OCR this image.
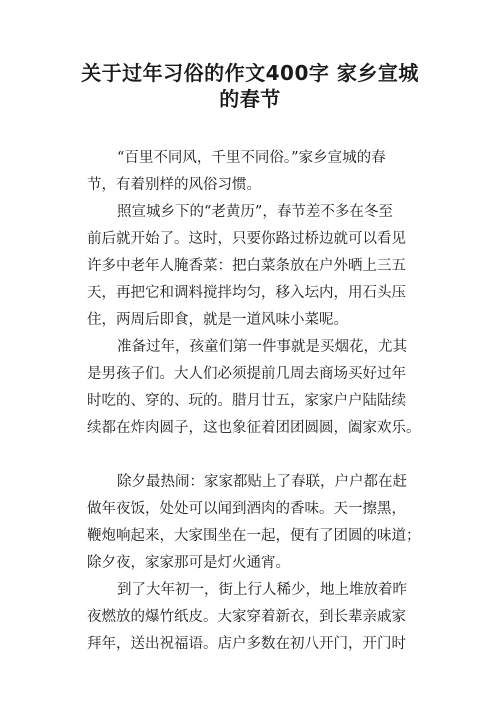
关于过年习俗的作文400字 家乡宣城
的春节
“百里不同风，千里不同俗。”家乡宣城的春
节，有着别样的风俗习惯。
照宣城乡下的“老黄历”，春节差不多在冬至
前后就开始了。这时，只要你路过桥边就可以看见
许多中老年人腌香菜：把白菜条放在户外晒上三五
天，再把它和调料搅拌均匀，移入坛内，用石头压
住，两周后即食，就是一道风味小菜呢。
准备过年，孩童们第一件事就是买烟花，尤其
是男孩子们。大人们必须提前几周去商场买好过年
时吃的、穿的、玩的。腊月廿五，家家户户陆陆续
续都在炸肉圆子，这也象征着团团圆圆，阖家欢乐。
除夕最热闹：家家都贴上了春联，户户都在赶
做年夜饭，处处可以闻到酒肉的香味。天一擦黑，
鞭炮响起来，大家围坐在一起，便有了团圆的味道；
除夕夜，家家那可是灯火通宵。
到了大年初一，街上行人稀少，地上堆放着昨
夜燃放的爆竹纸皮。大家穿着新衣，到长辈亲戚家
拜年，送出祝福语。店户多数在初八开门，开门时
